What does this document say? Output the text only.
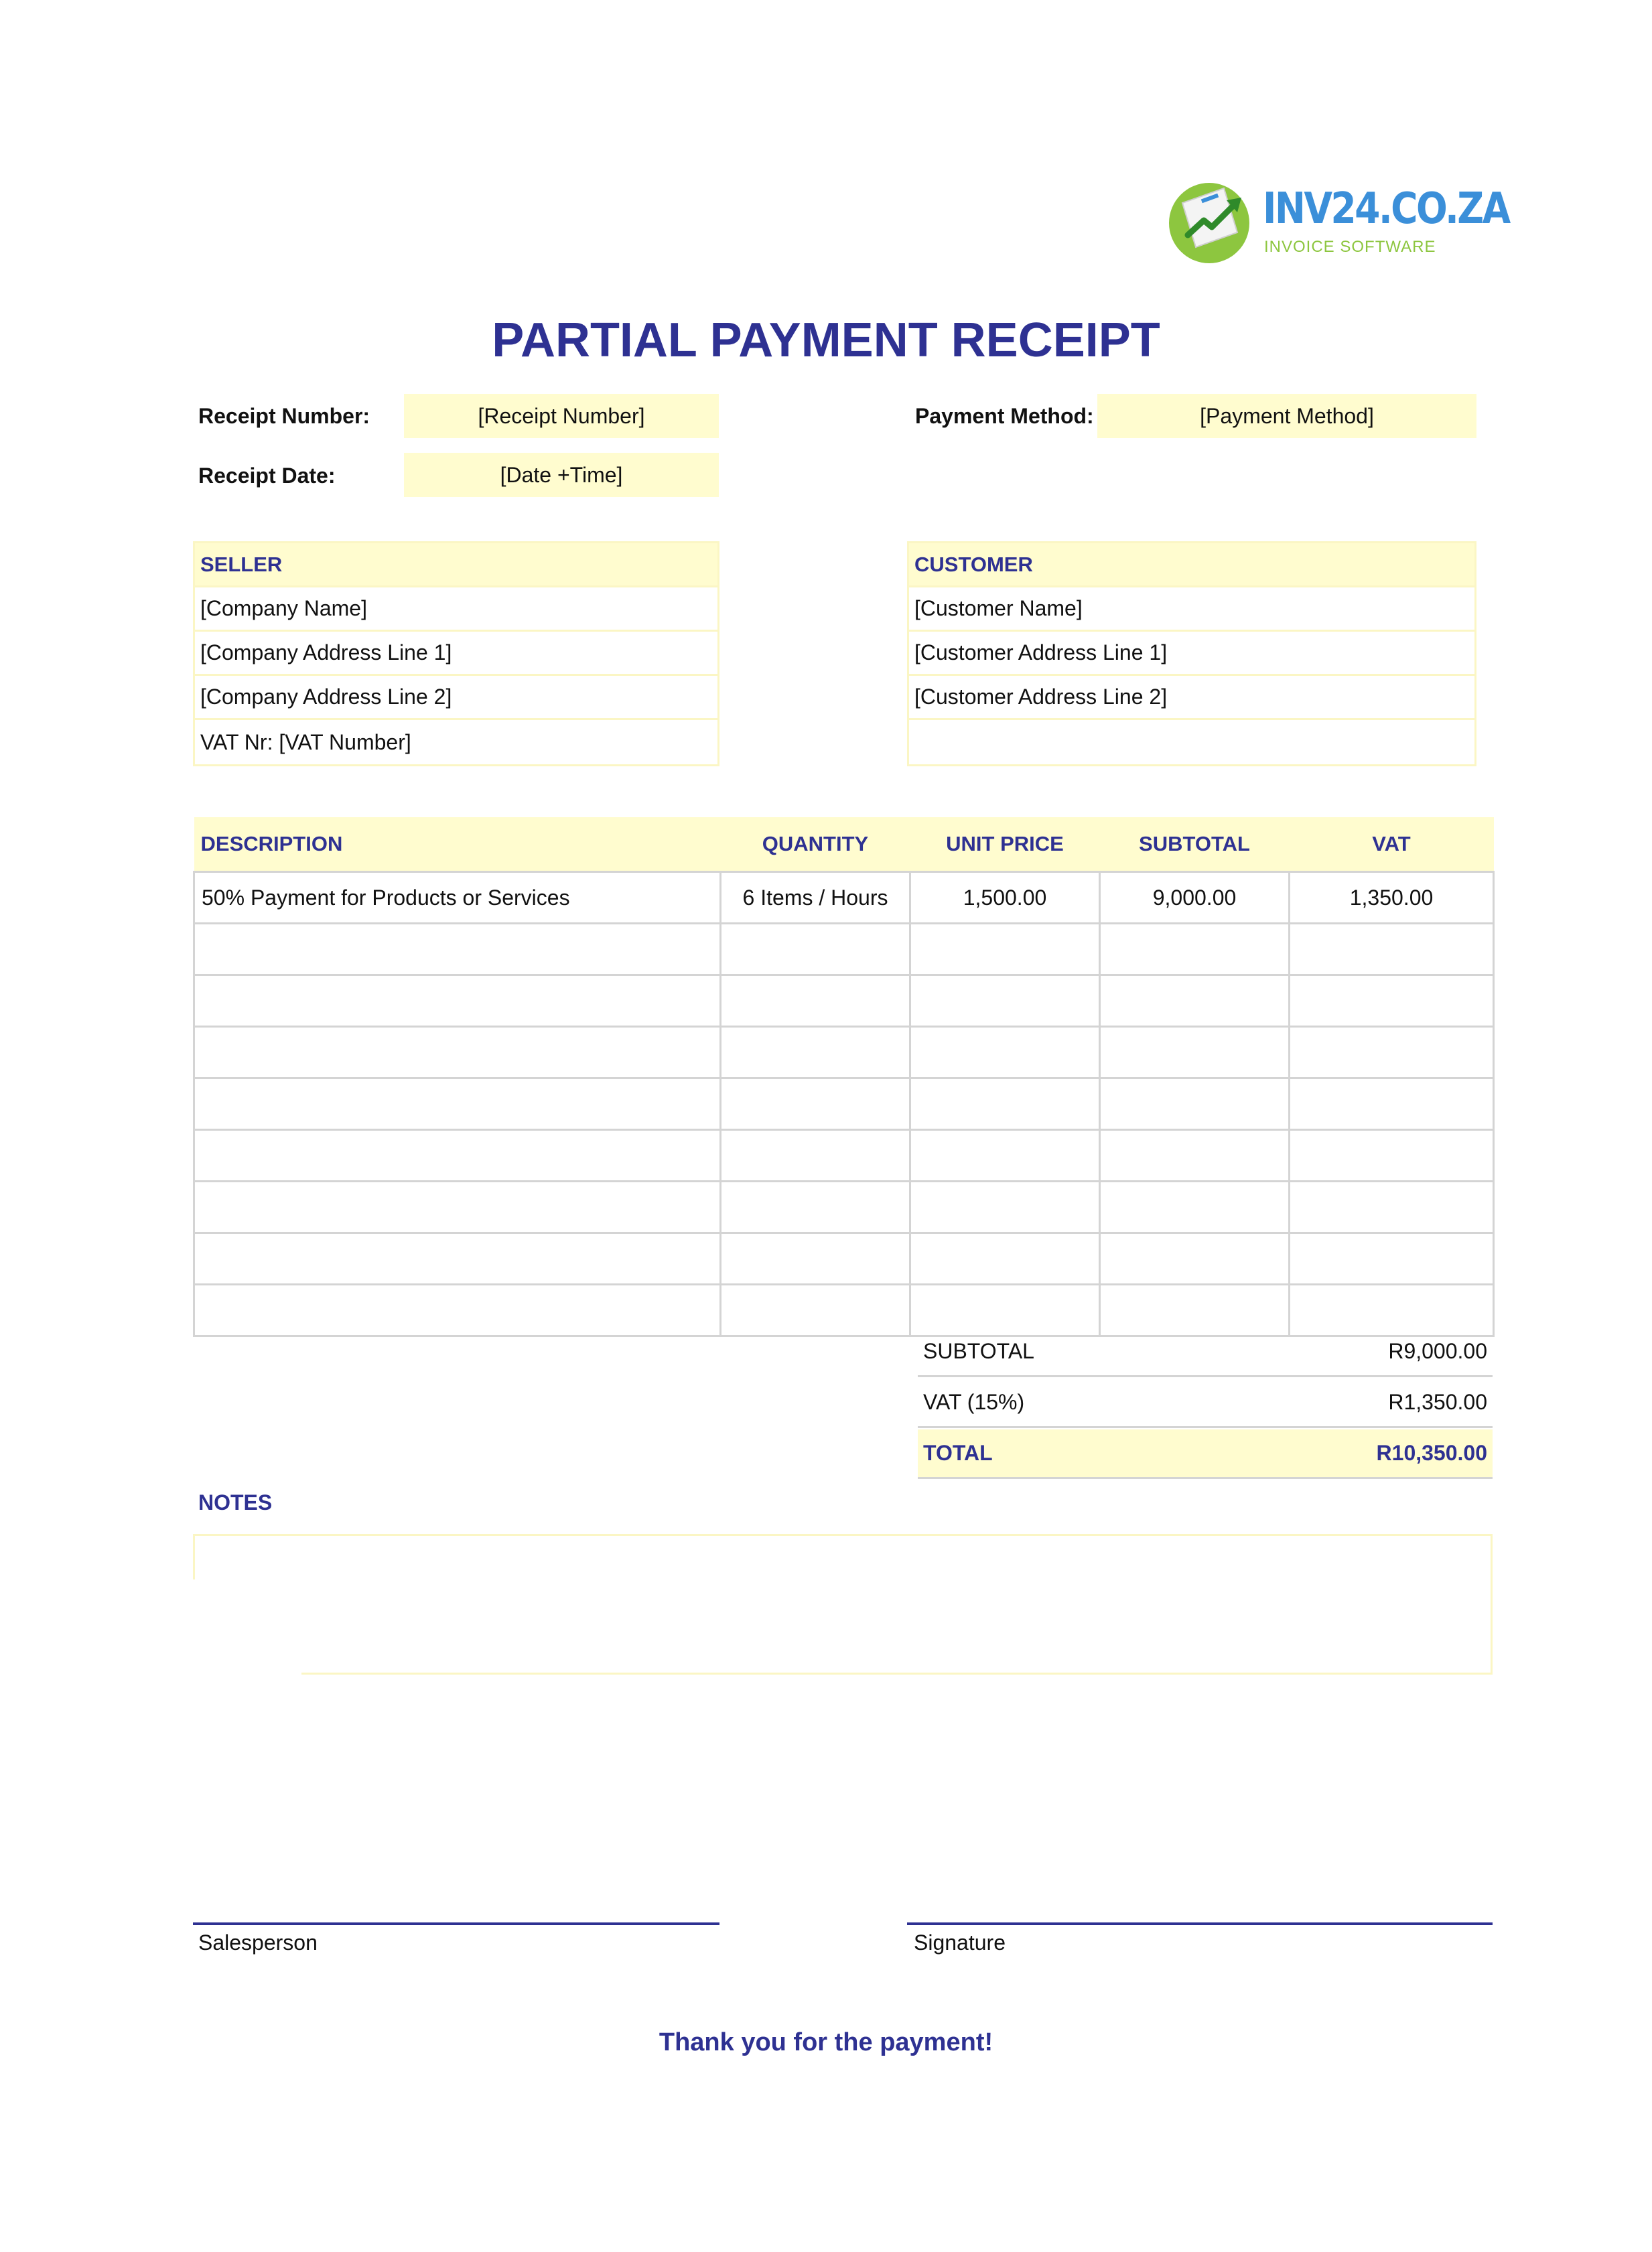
INV24.CO.ZA
INVOICE SOFTWARE
PARTIAL PAYMENT RECEIPT
Receipt Number:	[Receipt Number]
Receipt Date:	[Date +Time]
Payment Method:	[Payment Method]
SELLER
[Company Name]
[Company Address Line 1]
[Company Address Line 2]
VAT Nr: [VAT Number]
CUSTOMER
[Customer Name]
[Customer Address Line 1]
[Customer Address Line 2]
DESCRIPTION	QUANTITY	UNIT PRICE	SUBTOTAL	VAT
50% Payment for Products or Services	6 Items / Hours	1,500.00	9,000.00	1,350.00

SUBTOTAL	R9,000.00
VAT (15%)	R1,350.00
TOTAL	R10,350.00
NOTES
Salesperson	Signature
Thank you for the payment!
